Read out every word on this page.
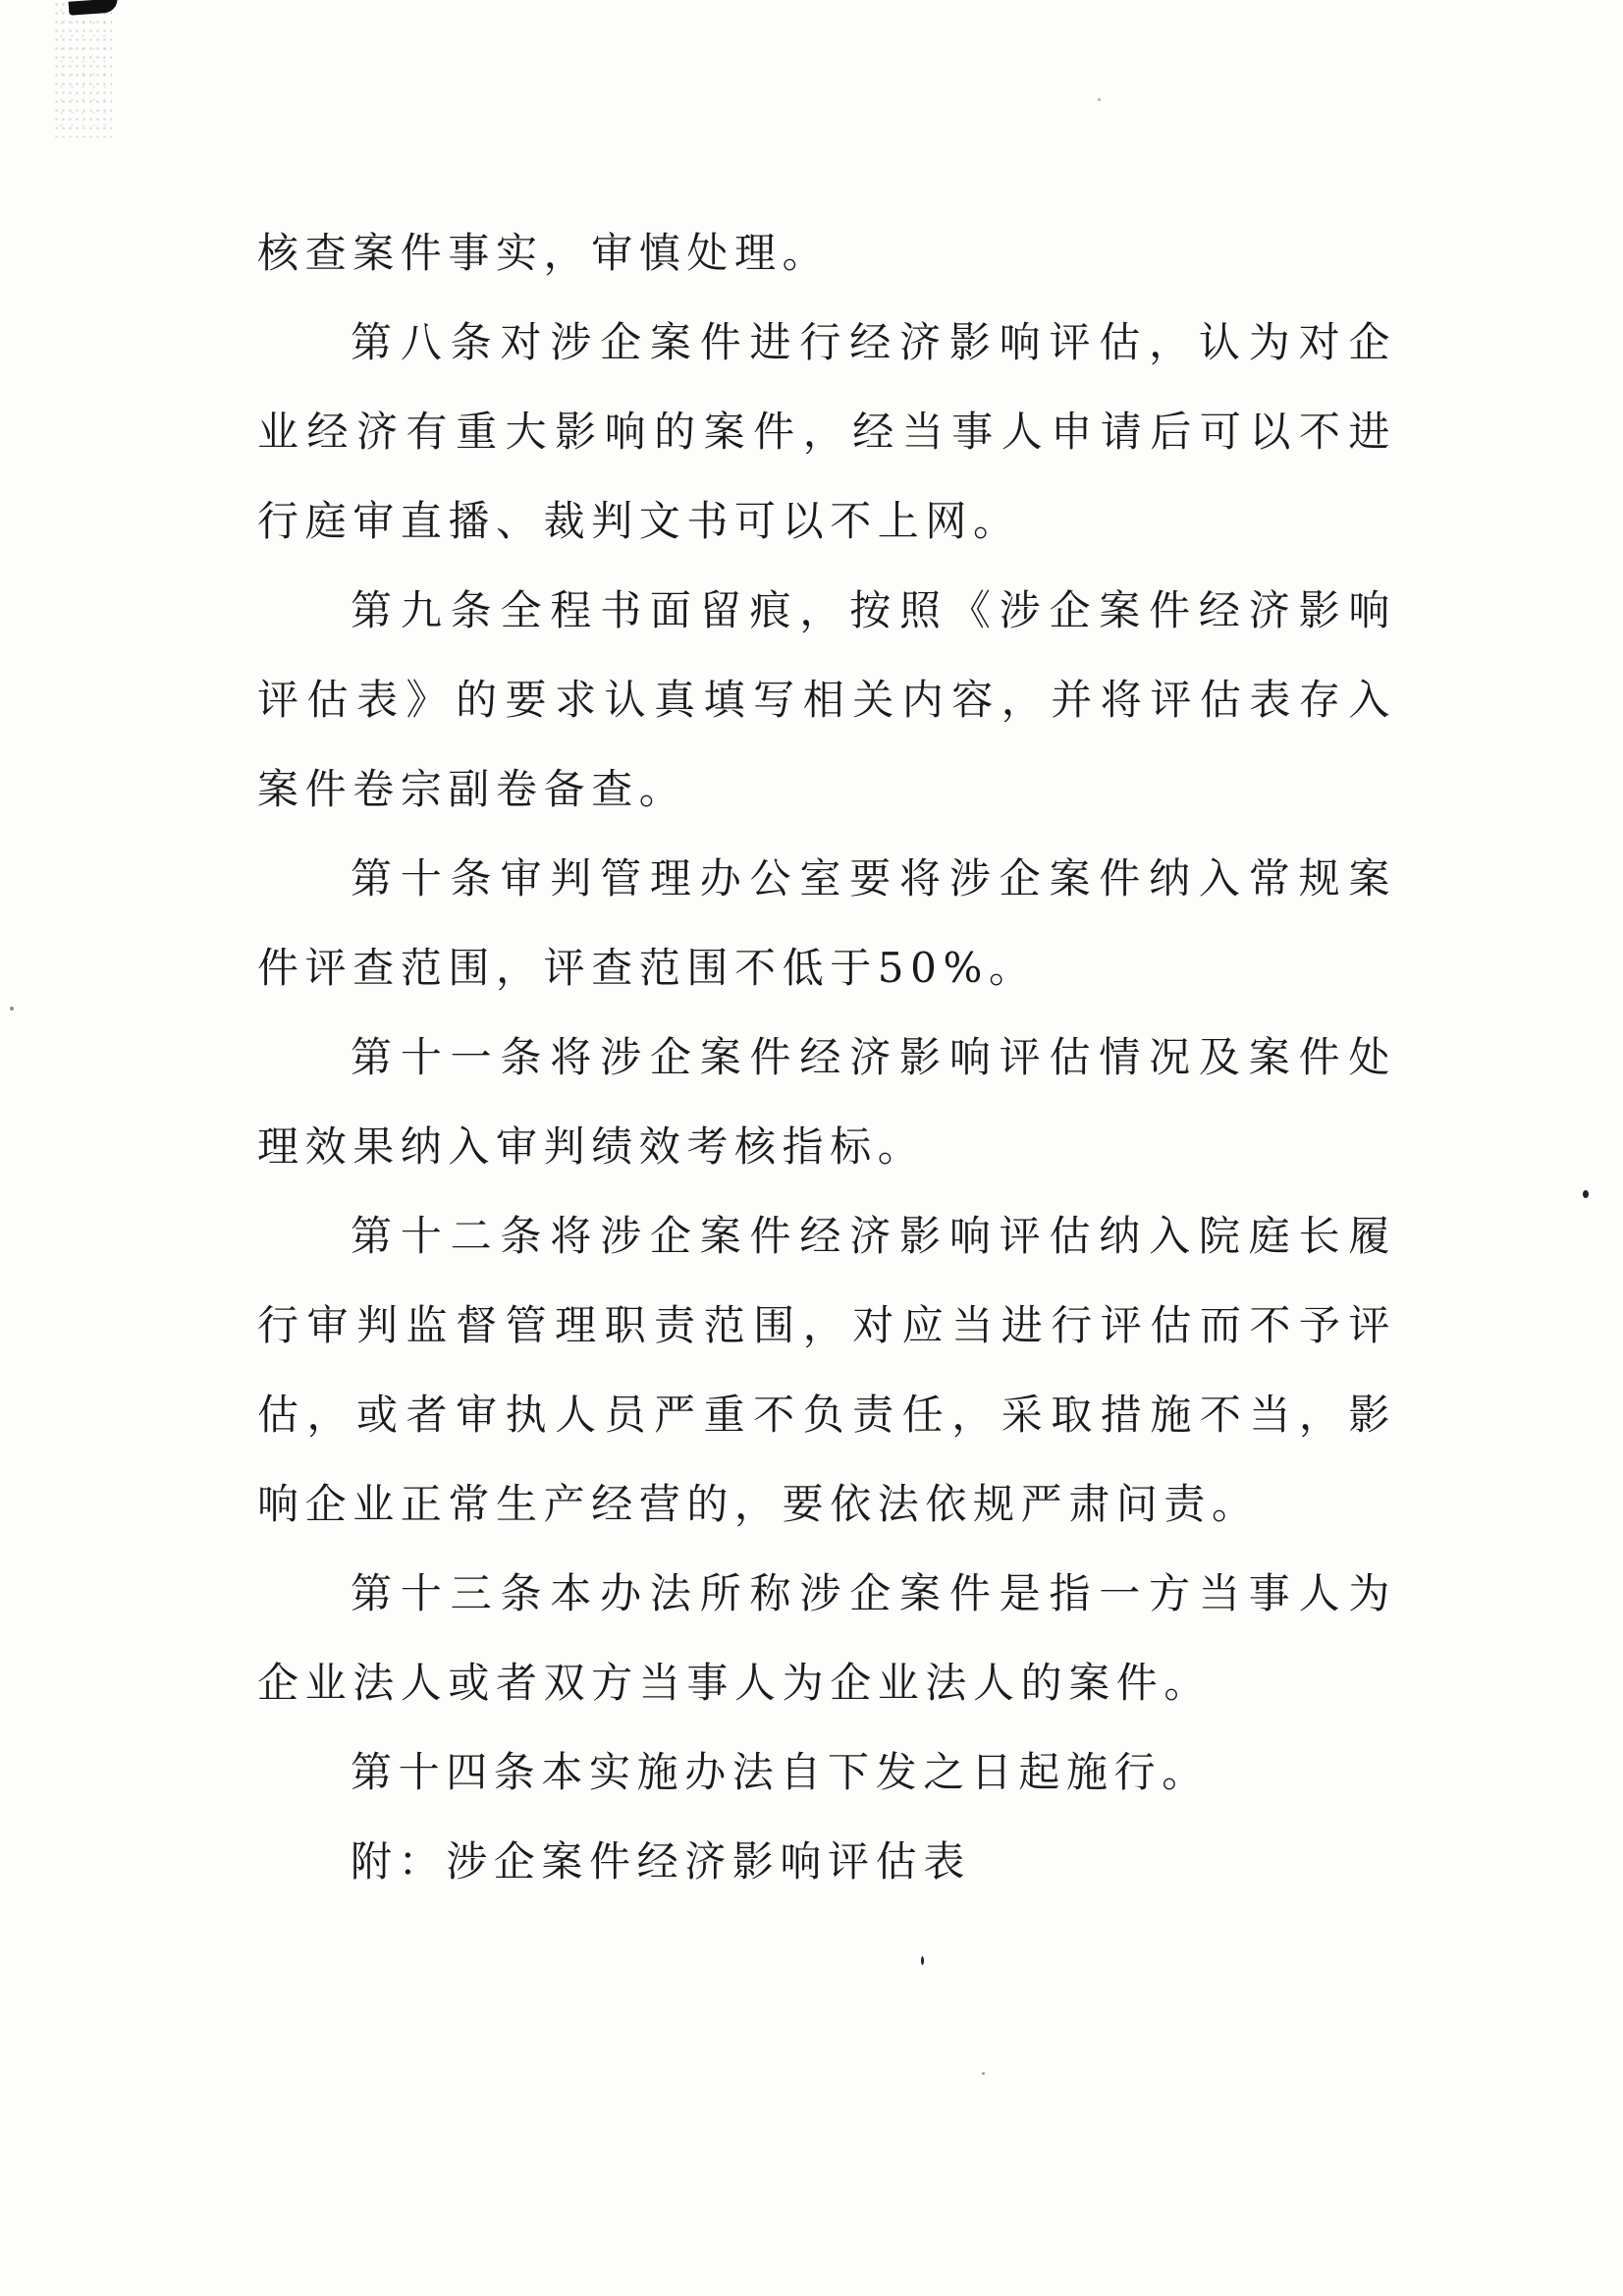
核查案件事实，审慎处理。

第八条对涉企案件进行经济影响评估，认为对企业经济有重大影响的案件，经当事人申请后可以不进行庭审直播、裁判文书可以不上网。

第九条全程书面留痕，按照《涉企案件经济影响评估表》的要求认真填写相关内容，并将评估表存入案件卷宗副卷备查。

第十条审判管理办公室要将涉企案件纳入常规案件评查范围，评查范围不低于50%。

第十一条将涉企案件经济影响评估情况及案件处理效果纳入审判绩效考核指标。

第十二条将涉企案件经济影响评估纳入院庭长履行审判监督管理职责范围，对应当进行评估而不予评估，或者审执人员严重不负责任，采取措施不当，影响企业正常生产经营的，要依法依规严肃问责。

第十三条本办法所称涉企案件是指一方当事人为企业法人或者双方当事人为企业法人的案件。

第十四条本实施办法自下发之日起施行。

附：涉企案件经济影响评估表
